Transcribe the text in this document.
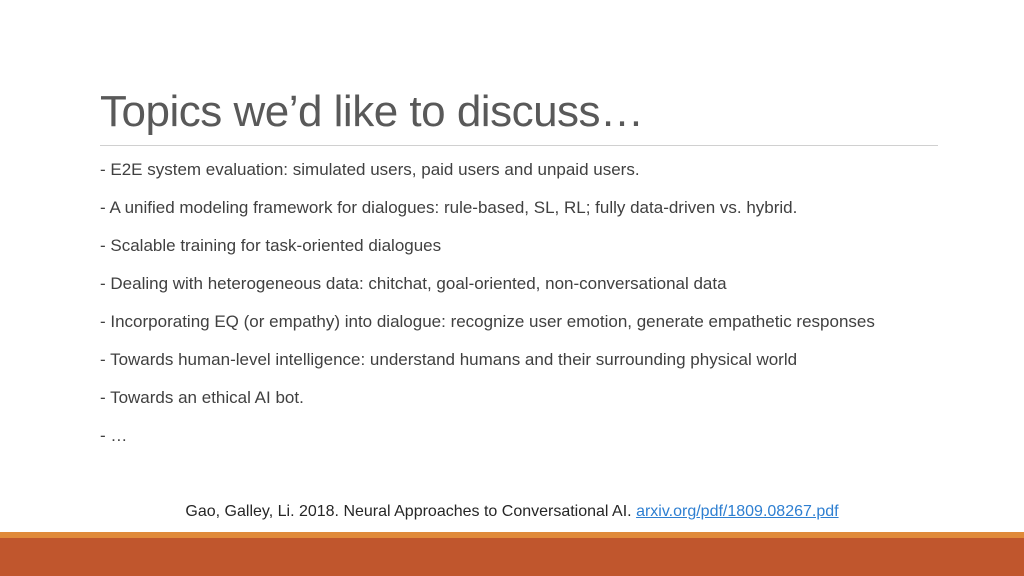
Topics we’d like to discuss…
- E2E system evaluation: simulated users, paid users and unpaid users.
- A unified modeling framework for dialogues: rule-based, SL, RL; fully data-driven vs. hybrid.
- Scalable training for task-oriented dialogues
- Dealing with heterogeneous data: chitchat, goal-oriented, non-conversational data
- Incorporating EQ (or empathy) into dialogue: recognize user emotion, generate empathetic responses
- Towards human-level intelligence: understand humans and their surrounding physical world
- Towards an ethical AI bot.
- …
Gao, Galley, Li. 2018. Neural Approaches to Conversational AI. arxiv.org/pdf/1809.08267.pdf
